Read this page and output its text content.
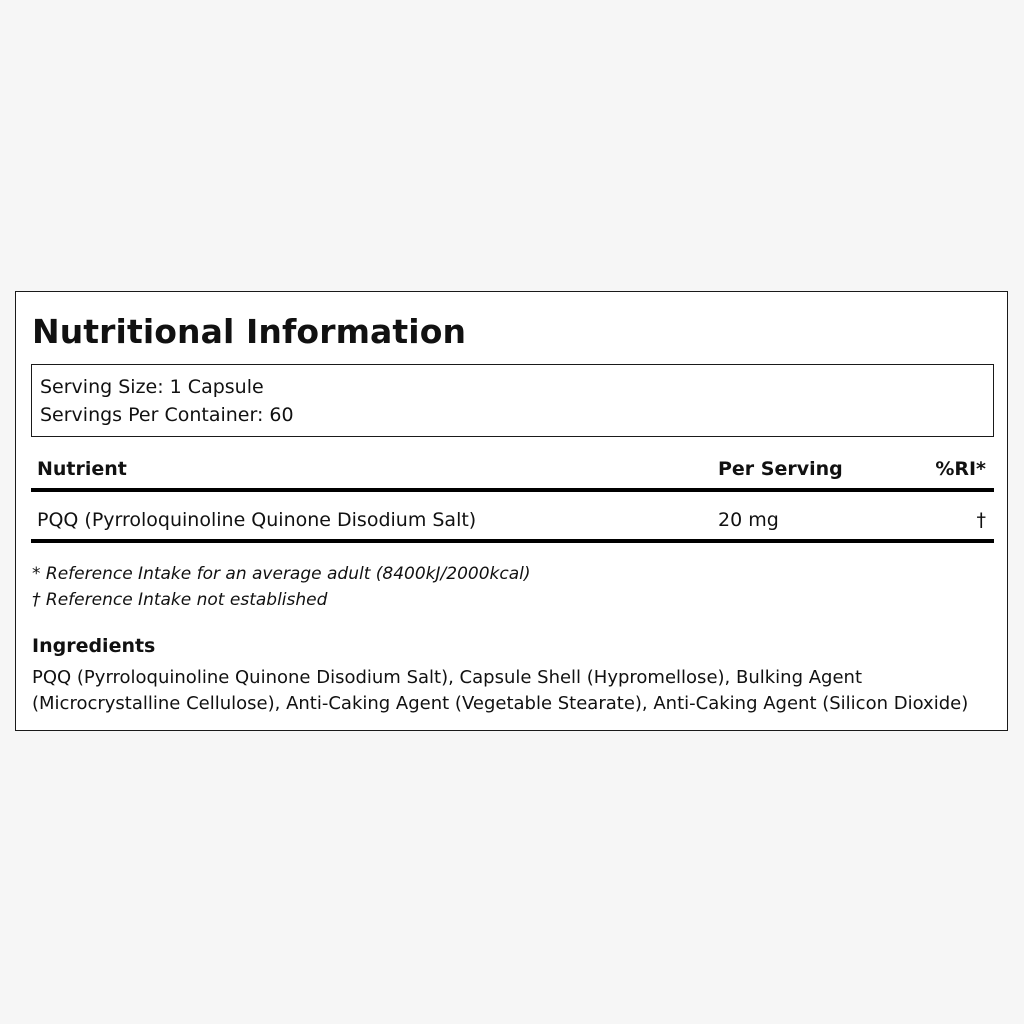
Nutritional Information
Serving Size: 1 Capsule
Servings Per Container: 60
Nutrient	Per Serving	%RI*
PQQ (Pyrroloquinoline Quinone Disodium Salt)	20 mg	†
* Reference Intake for an average adult (8400kJ/2000kcal)
† Reference Intake not established
Ingredients
PQQ (Pyrroloquinoline Quinone Disodium Salt), Capsule Shell (Hypromellose), Bulking Agent
(Microcrystalline Cellulose), Anti-Caking Agent (Vegetable Stearate), Anti-Caking Agent (Silicon Dioxide)
